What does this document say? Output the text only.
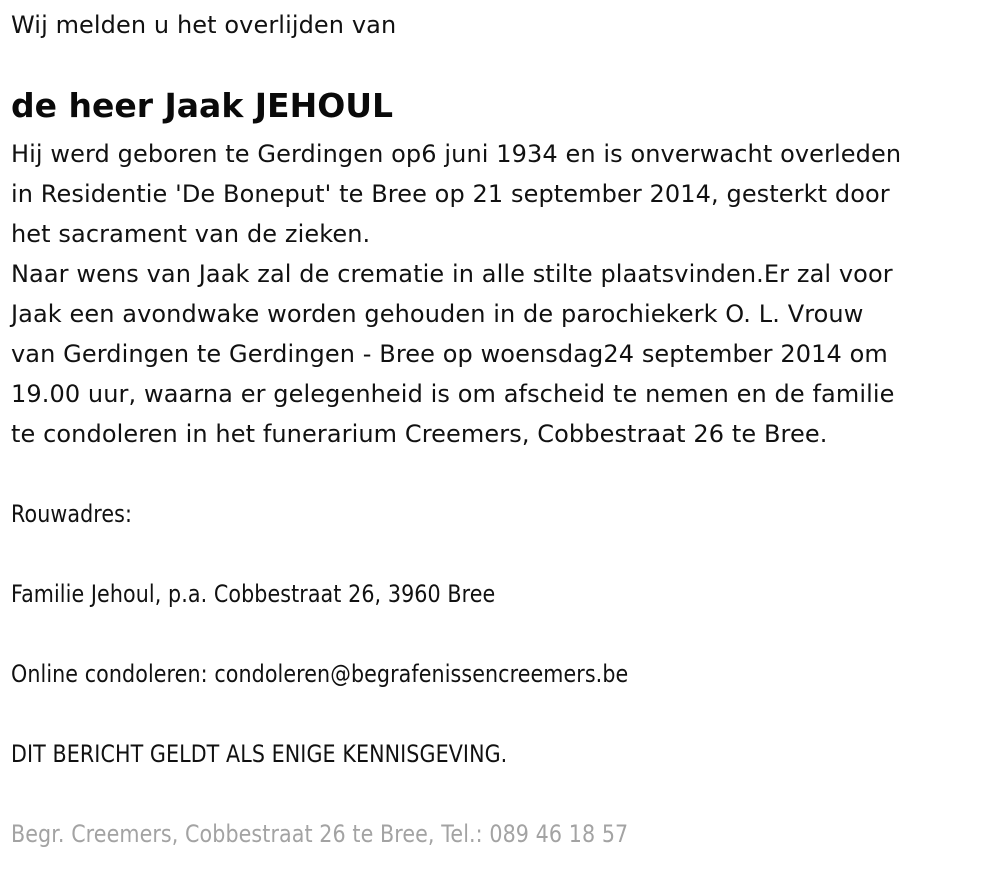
Wij melden u het overlijden van
de heer Jaak JEHOUL
Hij werd geboren te Gerdingen op6 juni 1934 en is onverwacht overleden
in Residentie 'De Boneput' te Bree op 21 september 2014, gesterkt door
het sacrament van de zieken.
Naar wens van Jaak zal de crematie in alle stilte plaatsvinden.Er zal voor
Jaak een avondwake worden gehouden in de parochiekerk O. L. Vrouw
van Gerdingen te Gerdingen - Bree op woensdag24 september 2014 om
19.00 uur, waarna er gelegenheid is om afscheid te nemen en de familie
te condoleren in het funerarium Creemers, Cobbestraat 26 te Bree.
Rouwadres:
Familie Jehoul, p.a. Cobbestraat 26, 3960 Bree
Online condoleren: condoleren@begrafenissencreemers.be
DIT BERICHT GELDT ALS ENIGE KENNISGEVING.
Begr. Creemers, Cobbestraat 26 te Bree, Tel.: 089 46 18 57
